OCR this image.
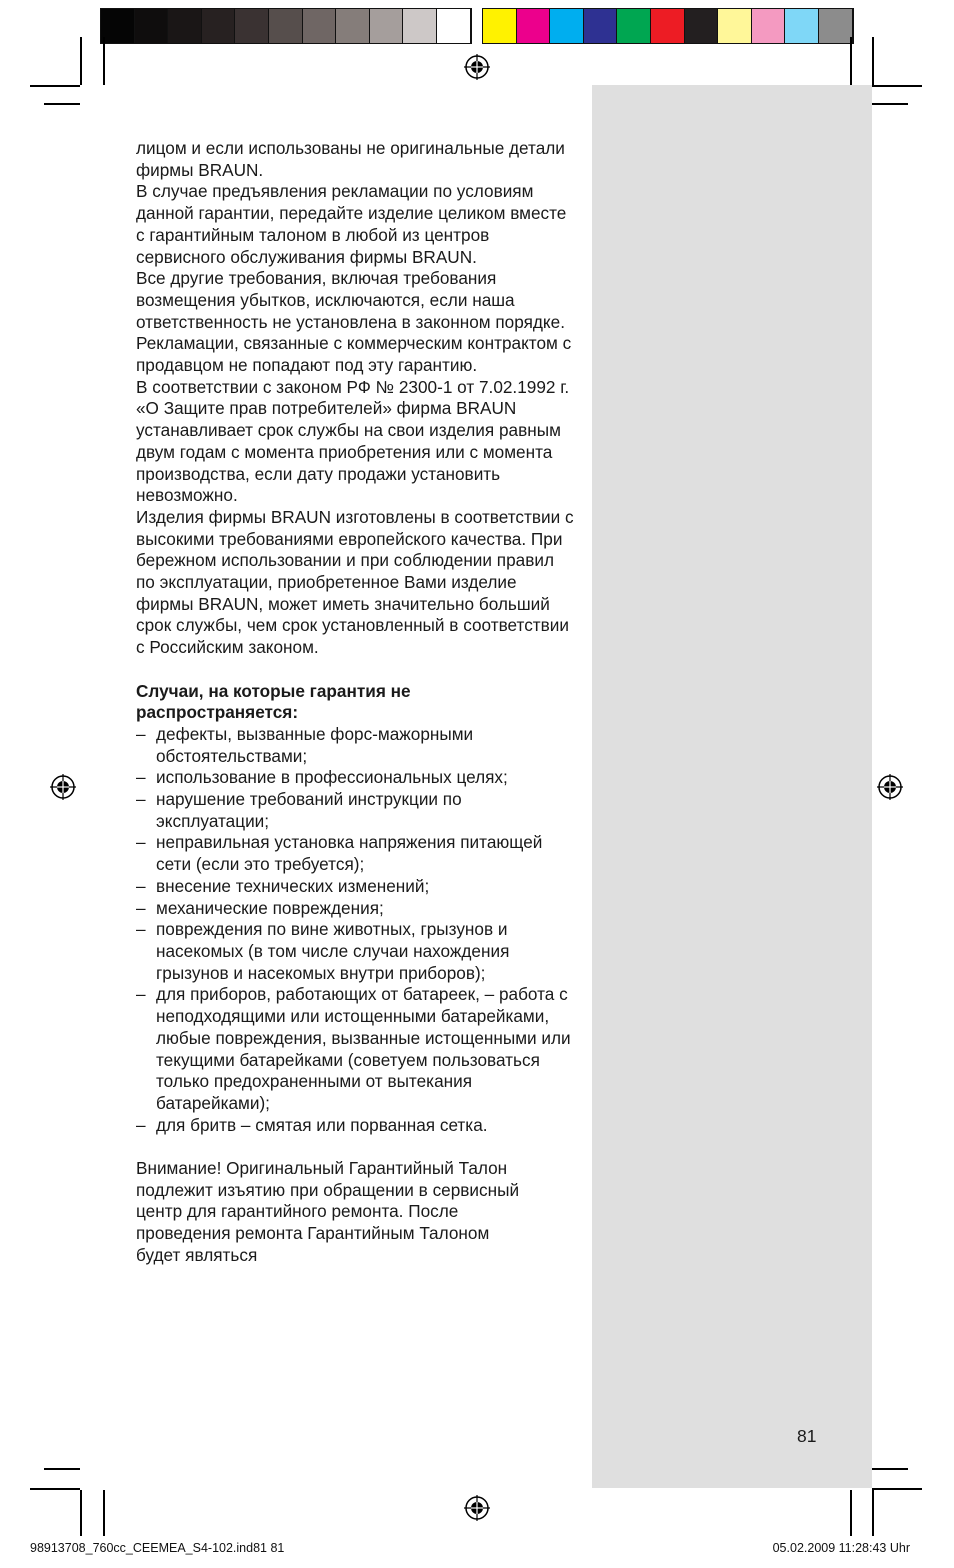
лицом и если использованы не оригинальные детали фирмы BRAUN.

В случае предъявления рекламации по условиям данной гарантии, передайте изделие целиком вместе с гарантийным талоном в любой из центров сервисного обслуживания фирмы BRAUN.

Все другие требования, включая требования возмещения убытков, исключаются, если наша ответственность не установлена в законном порядке.

Рекламации, связанные с коммерческим контрактом с продавцом не попадают под эту гарантию.

В соответствии с законом РФ № 2300-1 от 7.02.1992 г. «О Защите прав потребителей» фирма BRAUN устанавливает срок службы на свои изделия равным двум годам с момента приобретения или с момента производства, если дату продажи установить невозможно.

Изделия фирмы BRAUN изготовлены в соответствии с высокими требованиями европейского качества. При бережном использовании и при соблюдении правил по эксплуатации, приобретенное Вами изделие фирмы BRAUN, может иметь значительно больший срок службы, чем срок установленный в соответствии с Российским законом.

Случаи, на которые гарантия не распространяется:

– дефекты, вызванные форс-мажорными обстоятельствами;
– использование в профессиональных целях;
– нарушение требований инструкции по эксплуатации;
– неправильная установка напряжения питающей сети (если это требуется);
– внесение технических изменений;
– механические повреждения;
– повреждения по вине животных, грызунов и насекомых (в том числе случаи нахождения грызунов и насекомых внутри приборов);
– для приборов, работающих от батареек, – работа с неподходящими или истощенными батарейками, любые повреждения, вызванные истощенными или текущими батарейками (советуем пользоваться только предохраненными от вытекания батарейками);
– для бритв – смятая или порванная сетка.

Внимание! Оригинальный Гарантийный Талон подлежит изъятию при обращении в сервисный центр для гарантийного ремонта. После проведения ремонта Гарантийным Талоном будет являться

81
98913708_760cc_CEEMEA_S4-102.ind81 81	05.02.2009 11:28:43 Uhr
